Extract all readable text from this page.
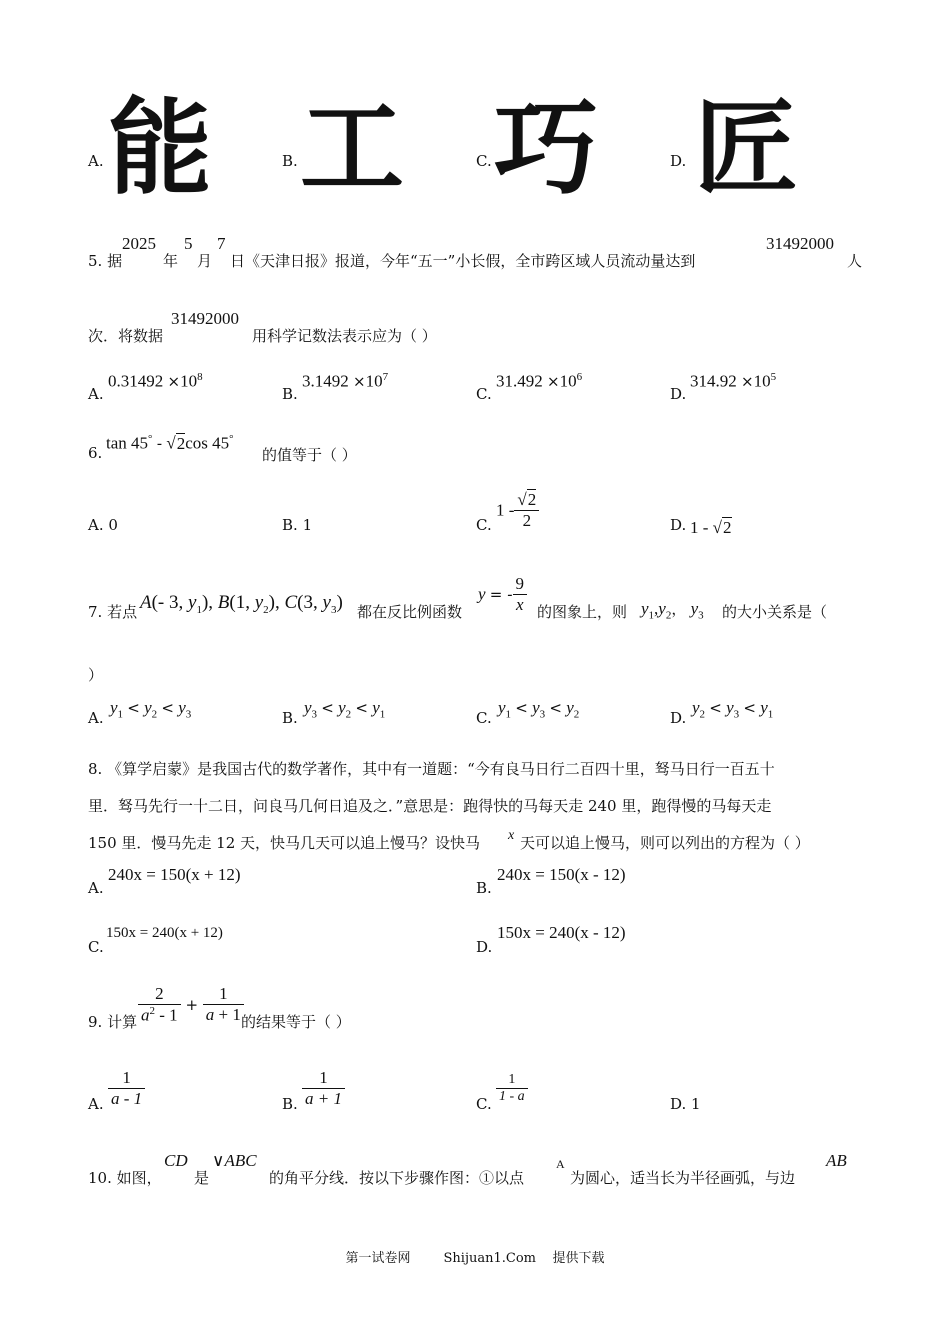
A. 能	B. 工	C. 巧	D. 匠
5. 据
2025
年
5
月
7
日《天津日报》报道，今年“五一”小长假，全市跨区域人员流动量达到
31492000
人
次．将数据
31492000
用科学记数法表示应为（ ）
A.
$0.31492 \times 10^8$
B.
$3.1492 \times 10^7$
C.
$31.492 \times 10^6$
D.
$314.92 \times 10^5$
6.
tan 45° - √2cos 45°
的值等于（ ）
A. 0	B. 1	C.
$1 - \frac{√2}{2}$	D. 1 - √2
7. 若点 A(- 3, $y_1$), B(1, $y_2$), C(3, $y_3$) 都在反比例函数
y = - $\frac{9}{x}$ 的图象上，则 $y_1,y_2$， $y_3$ 的大小关系是（
）
A.
$y_1 < y_2 < y_3$	B.
$y_3 < y_2 < y_1$	C.
$y_1 < y_3 < y_2$	D.
$y_2 < y_3 < y_1$
8. 《算学启蒙》是我国古代的数学著作，其中有一道题：“今有良马日行二百四十里，驽马日行一百五十
里．驽马先行一十二日，问良马几何日追及之．”意思是：跑得快的马每天走 240 里，跑得慢的马每天走
150 里．慢马先走 12 天，快马几天可以追上慢马？设快马 x 天可以追上慢马，则可以列出的方程为（ ）
A.
240x = 150(x + 12)
B.
240x = 150(x - 12)
C.
150x = 240(x + 12)
D.
150x = 240(x - 12)
9. 计算 $\frac{2}{a^2 - 1} + \frac{1}{a + 1}$
的结果等于（ ）
A. $\frac{1}{a - 1}$	B. $\frac{1}{a + 1}$	C. $\frac{1}{1 - a}$	D. 1
10. 如图，
CD
是
∨ABC
的角平分线．按以下步骤作图：①以点
A
为圆心，适当长为半径画弧，与边
AB
第一试卷网        Shijuan1.Com    提供下载
